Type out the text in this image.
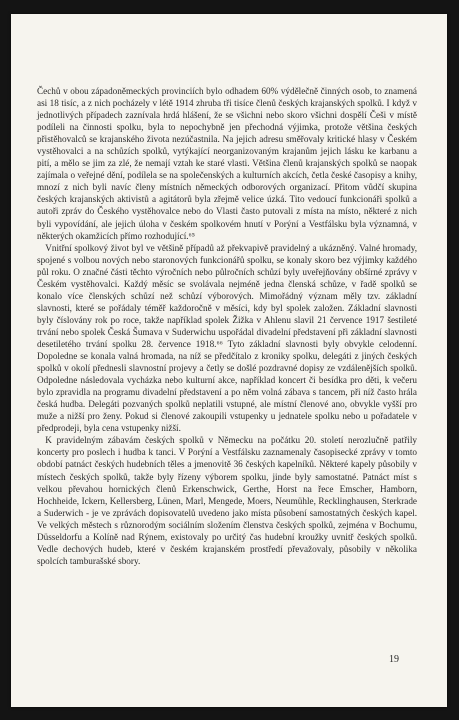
Čechů v obou západoněmeckých provinciích bylo odhadem 60% výdělečně činných osob, to znamená asi 18 tisíc, a z nich pocházely v létě 1914 zhruba tři tisíce členů českých krajanských spolků. I když v jednotlivých případech zaznívala hrdá hlášení, že se všichni nebo skoro všichni dospělí Češi v místě podíleli na činnosti spolku, byla to nepochybně jen přechodná výjimka, protože většina českých přistěhovalců se krajanského života nezúčastnila. Na jejich adresu směřovaly kritické hlasy v Českém vystěhovalci a na schůzích spolků, vytýkající neorganizovaným krajanům jejich lásku ke karbanu a pití, a mělo se jim za zlé, že nemají vztah ke staré vlasti. Většina členů krajanských spolků se naopak zajímala o veřejné dění, podílela se na společenských a kulturních akcích, četla české časopisy a knihy, mnozí z nich byli navíc členy místních německých odborových organizací. Přitom vůdčí skupina českých krajanských aktivistů a agitátorů byla zřejmě velice úzká. Tito vedoucí funkcionáři spolků a autoři zpráv do Českého vystěhovalce nebo do Vlasti často putovali z místa na místo, některé z nich byli vypovídání, ale jejich úloha v českém spolkovém hnutí v Porýní a Vestfálsku byla významná, v některých okamžicích přímo rozhodující.⁶⁵

Vnitřní spolkový život byl ve většině případů až překvapivě pravidelný a ukázněný. Valné hromady, spojené s volbou nových nebo staronových funkcionářů spolku, se konaly skoro bez výjimky každého půl roku. O značné části těchto výročních nebo půlročních schůzí byly uveřejňovány obšírné zprávy v Českém vystěhovalci. Každý měsíc se svolávala nejméně jedna členská schůze, v řadě spolků se konalo více členských schůzí než schůzí výborových. Mimořádný význam měly tzv. základní slavnosti, které se pořádaly téměř každoročně v měsíci, kdy byl spolek založen. Základní slavnosti byly číslovány rok po roce, takže například spolek Žižka v Ahlenu slavil 21 července 1917 šestileté trvání nebo spolek Česká Šumava v Suderwichu uspořádal divadelní představení při základní slavnosti desetiletého trvání spolku 28. července 1918.⁶⁶ Tyto základní slavnosti byly obvykle celodenní. Dopoledne se konala valná hromada, na níž se předčítalo z kroniky spolku, delegáti z jiných českých spolků v okolí přednesli slavnostní projevy a četly se došlé pozdravné dopisy ze vzdálenějších spolků. Odpoledne následovala vycházka nebo kulturní akce, například koncert či besídka pro děti, k večeru bylo zpravidla na programu divadelní představení a po něm volná zábava s tancem, při níž často hrála česká hudba. Delegáti pozvaných spolků neplatili vstupné, ale místní členové ano, obvykle vyšší pro muže a nižší pro ženy. Pokud si členové zakoupili vstupenky u jednatele spolku nebo u pořadatele v předprodeji, byla cena vstupenky nižší.

K pravidelným zábavám českých spolků v Německu na počátku 20. století nerozlučně patřily koncerty pro poslech i hudba k tanci. V Porýní a Vestfálsku zaznamenaly časopisecké zprávy v tomto období patnáct českých hudebních těles a jmenovitě 36 českých kapelníků. Některé kapely působily v místech českých spolků, takže byly řízeny výborem spolku, jinde byly samostatné. Patnáct míst s velkou převahou hornických členů Erkenschwick, Gerthe, Horst na řece Emscher, Hamborn, Hochheide, Ickern, Kellersberg, Lünen, Marl, Mengede, Moers, Neumühle, Recklinghausen, Sterkrade a Suderwich - je ve zprávách dopisovatelů uvedeno jako místa působení samostatných českých kapel. Ve velkých městech s různorodým sociálním složením členstva českých spolků, zejména v Bochumu, Düsseldorfu a Kolíně nad Rýnem, existovaly po určitý čas hudební kroužky uvnitř českých spolků. Vedle dechových hudeb, které v českém krajanském prostředí převažovaly, působily v několika spolcích tamburašské sbory.

19
